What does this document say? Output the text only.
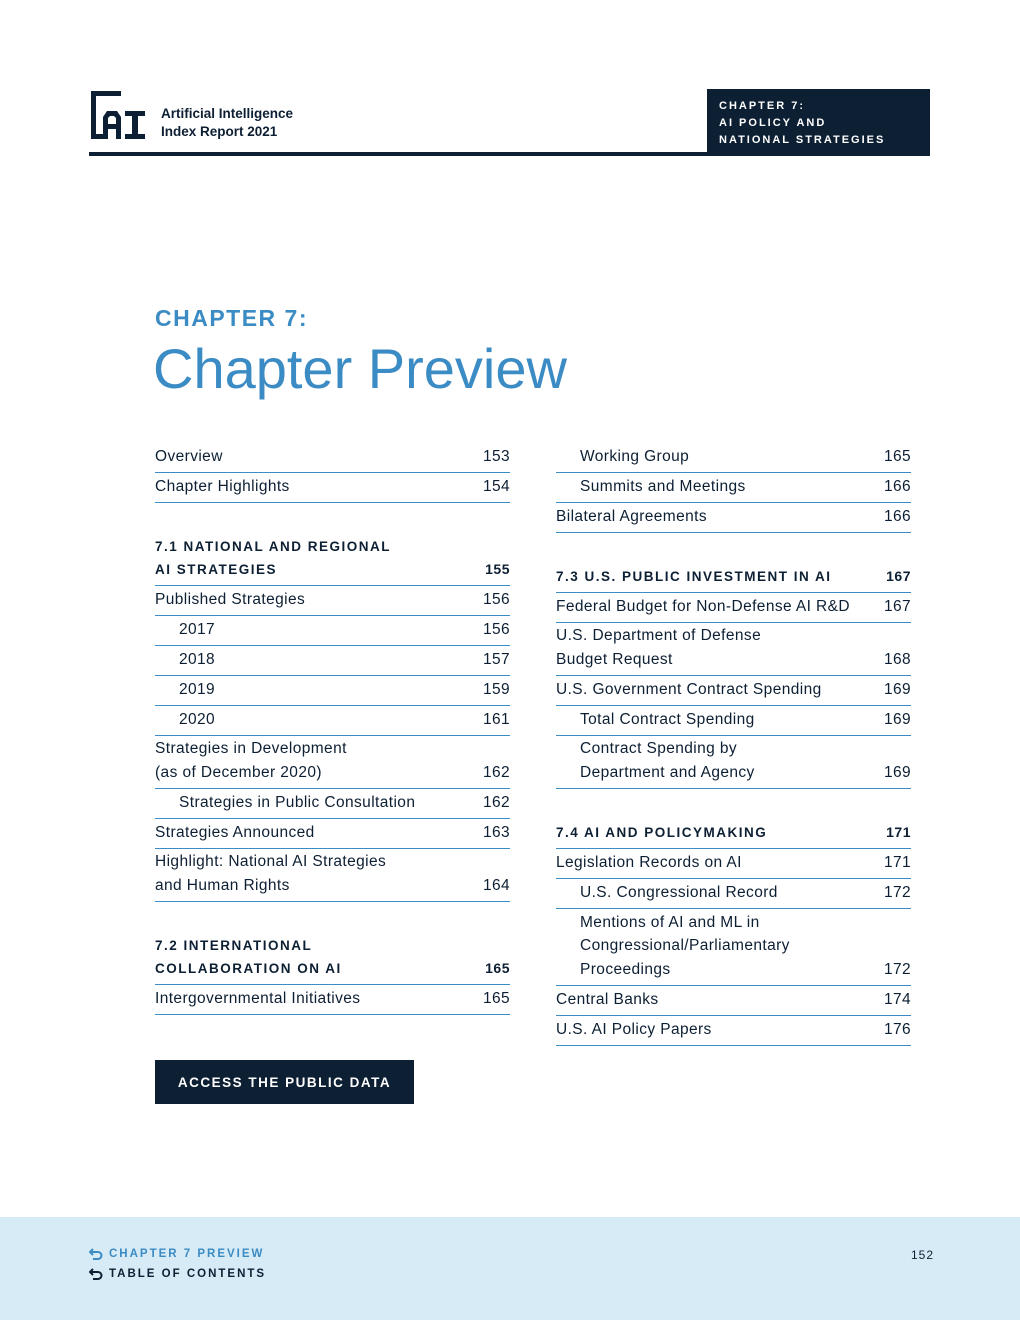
Artificial Intelligence
Index Report 2021
CHAPTER 7:
AI POLICY AND
NATIONAL STRATEGIES
CHAPTER 7:
Chapter Preview
Overview	153
Chapter Highlights	154
7.1 NATIONAL AND REGIONAL
AI STRATEGIES	155
Published Strategies	156
2017	156
2018	157
2019	159
2020	161
Strategies in Development
(as of December 2020)	162
Strategies in Public Consultation	162
Strategies Announced	163
Highlight: National AI Strategies
and Human Rights	164
7.2 INTERNATIONAL
COLLABORATION ON AI	165
Intergovernmental Initiatives	165
Working Group	165
Summits and Meetings	166
Bilateral Agreements	166
7.3 U.S. PUBLIC INVESTMENT IN AI	167
Federal Budget for Non-Defense AI R&D	167
U.S. Department of Defense
Budget Request	168
U.S. Government Contract Spending	169
Total Contract Spending	169
Contract Spending by
Department and Agency	169
7.4 AI AND POLICYMAKING	171
Legislation Records on AI	171
U.S. Congressional Record	172
Mentions of AI and ML in
Congressional/Parliamentary
Proceedings	172
Central Banks	174
U.S. AI Policy Papers	176
ACCESS THE PUBLIC DATA
CHAPTER 7 PREVIEW
TABLE OF CONTENTS
152
